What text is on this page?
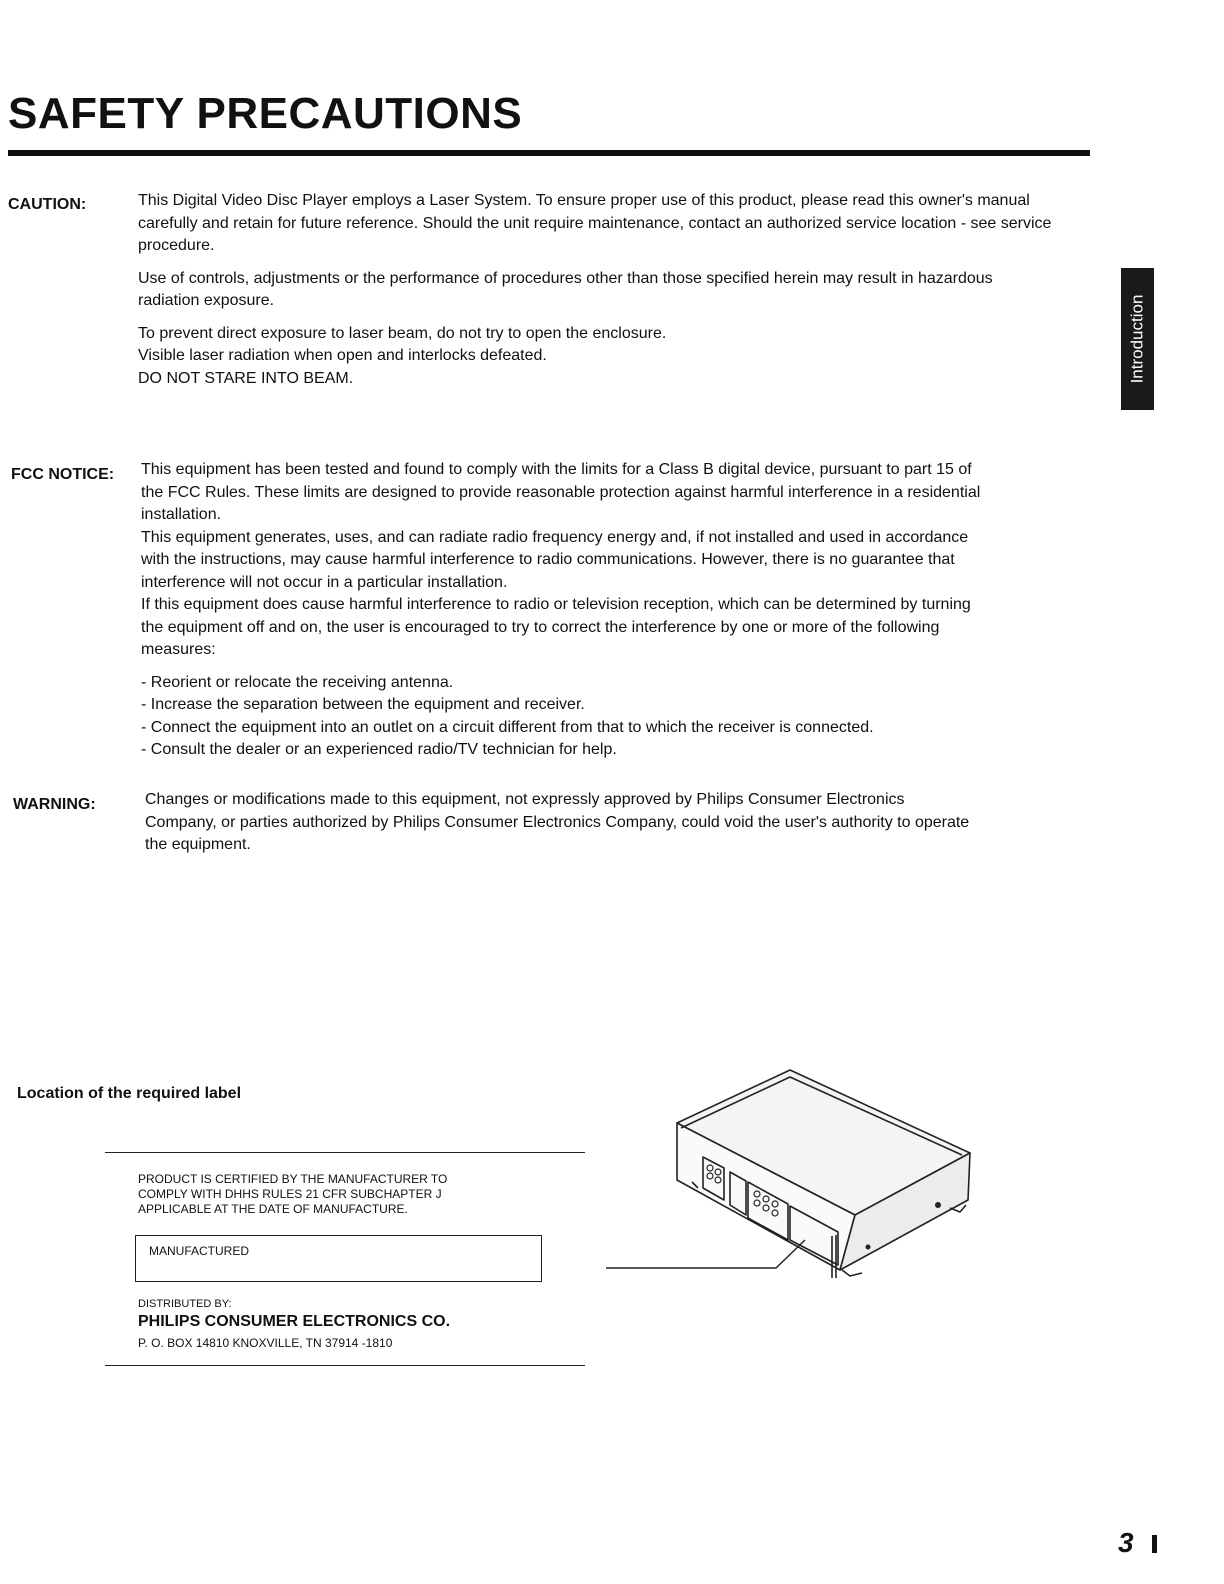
SAFETY PRECAUTIONS
Introduction
CAUTION:	This Digital Video Disc Player employs a Laser System. To ensure proper use of this product, please read this owner's manual carefully and retain for future reference. Should the unit require maintenance, contact an authorized service location - see service procedure.

Use of controls, adjustments or the performance of procedures other than those specified herein may result in hazardous radiation exposure.

To prevent direct exposure to laser beam, do not try to open the enclosure.

Visible laser radiation when open and interlocks defeated.

DO NOT STARE INTO BEAM.

FCC NOTICE: This equipment has been tested and found to comply with the limits for a Class B digital device, pursuant to part 15 of the FCC Rules. These limits are designed to provide reasonable protection against harmful interference in a residential installation.

This equipment generates, uses, and can radiate radio frequency energy and, if not installed and used in accordance with the instructions, may cause harmful interference to radio communications. However, there is no guarantee that interference will not occur in a particular installation.

If this equipment does cause harmful interference to radio or television reception, which can be determined by turning the equipment off and on, the user is encouraged to try to correct the interference by one or more of the following measures:

- Reorient or relocate the receiving antenna.
- Increase the separation between the equipment and receiver.
- Connect the equipment into an outlet on a circuit different from that to which the receiver is connected.
- Consult the dealer or an experienced radio/TV technician for help.
WARNING:	Changes or modifications made to this equipment, not expressly approved by Philips Consumer Electronics Company, or parties authorized by Philips Consumer Electronics Company, could void the user's authority to operate the equipment.

Location of the required label

PRODUCT IS CERTIFIED BY THE MANUFACTURER TO

COMPLY WITH DHHS RULES 21 CFR SUBCHAPTER J

APPLICABLE AT THE DATE OF MANUFACTURE.

MANUFACTURED
DISTRIBUTED BY:
PHILIPS CONSUMER ELECTRONICS CO.
P. O. BOX 14810 KNOXVILLE, TN 37914 -1810
3
